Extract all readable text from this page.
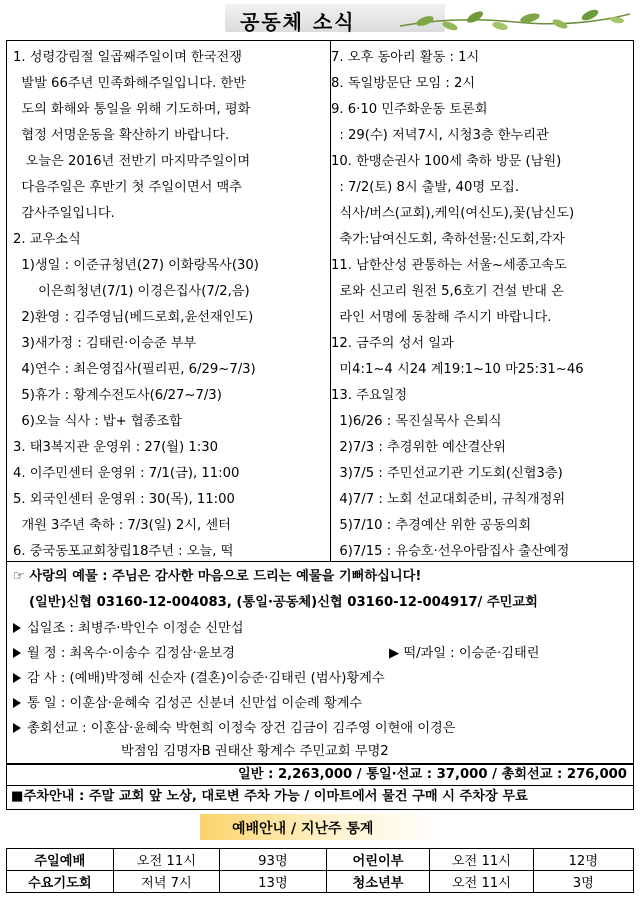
공동체 소식
1. 성령강림절 일곱째주일이며 한국전쟁
발발 66주년 민족화해주일입니다. 한반
도의 화해와 통일을 위해 기도하며, 평화
협정 서명운동을 확산하기 바랍니다.
오늘은 2016년 전반기 마지막주일이며
다음주일은 후반기 첫 주일이면서 맥추
감사주일입니다.
2. 교우소식
1)생일 : 이준규청년(27) 이화랑목사(30)
이은희청년(7/1) 이경은집사(7/2,음)
2)환영 : 김주영님(베드로회,윤선재인도)
3)새가정 : 김태린·이승준 부부
4)연수 : 최은영집사(필리핀, 6/29~7/3)
5)휴가 : 황계수전도사(6/27~7/3)
6)오늘 식사 : 밥+ 협종조합
3. 태3복지관 운영위 : 27(월) 1:30
4. 이주민센터 운영위 : 7/1(금), 11:00
5. 외국인센터 운영위 : 30(목), 11:00
개원 3주년 축하 : 7/3(일) 2시, 센터
6. 중국동포교회창립18주년 : 오늘, 떡
7. 오후 동아리 활동 : 1시
8. 독일방문단 모임 : 2시
9. 6·10 민주화운동 토론회
: 29(수) 저녁7시, 시청3층 한누리관
10. 한맹순권사 100세 축하 방문 (남원)
: 7/2(토) 8시 출발, 40명 모집.
식사/버스(교회),케익(여신도),꽃(남신도)
축가:남여신도회, 축하선물:신도회,각자
11. 남한산성 관통하는 서울~세종고속도
로와 신고리 원전 5,6호기 건설 반대 온
라인 서명에 동참해 주시기 바랍니다.
12. 금주의 성서 일과
미4:1~4 시24 계19:1~10 마25:31~46
13. 주요일정
1)6/26 : 목진실목사 은퇴식
2)7/3 : 추경위한 예산결산위
3)7/5 : 주민선교기관 기도회(신협3층)
4)7/7 : 노회 선교대회준비, 규칙개정위
5)7/10 : 추경예산 위한 공동의회
6)7/15 : 유승호·선우아람집사 출산예정
☞ 사랑의 예물 : 주님은 감사한 마음으로 드리는 예물을 기뻐하십니다!
(일반)신협 03160-12-004083, (통일·공동체)신협 03160-12-004917/ 주민교회
십일조 : 최병주·박인수 이정순 신만섭
월 정 : 최옥수·이송수 김정삼·윤보경	▶ 떡/과일 : 이승준·김태린
감 사 : (예배)박정혜 신순자 (결혼)이승준·김태린 (범사)황계수
통 일 : 이훈삼·윤혜숙 김성곤 신분녀 신만섭 이순례 황계수
총회선교 : 이훈삼·윤혜숙 박현희 이정숙 장건 김금이 김주영 이현애 이경은
박점임 김명자B 권태산 황계수 주민교회 무명2
일반 : 2,263,000 / 통일·선교 : 37,000 / 총회선교 : 276,000
■주차안내 : 주말 교회 앞 노상, 대로변 주차 가능 / 이마트에서 물건 구매 시 주차장 무료
예배안내 / 지난주 통계
주일예배	오전 11시	93명	어린이부	오전 11시	12명
수요기도회	저녁 7시	13명	청소년부	오전 11시	3명
